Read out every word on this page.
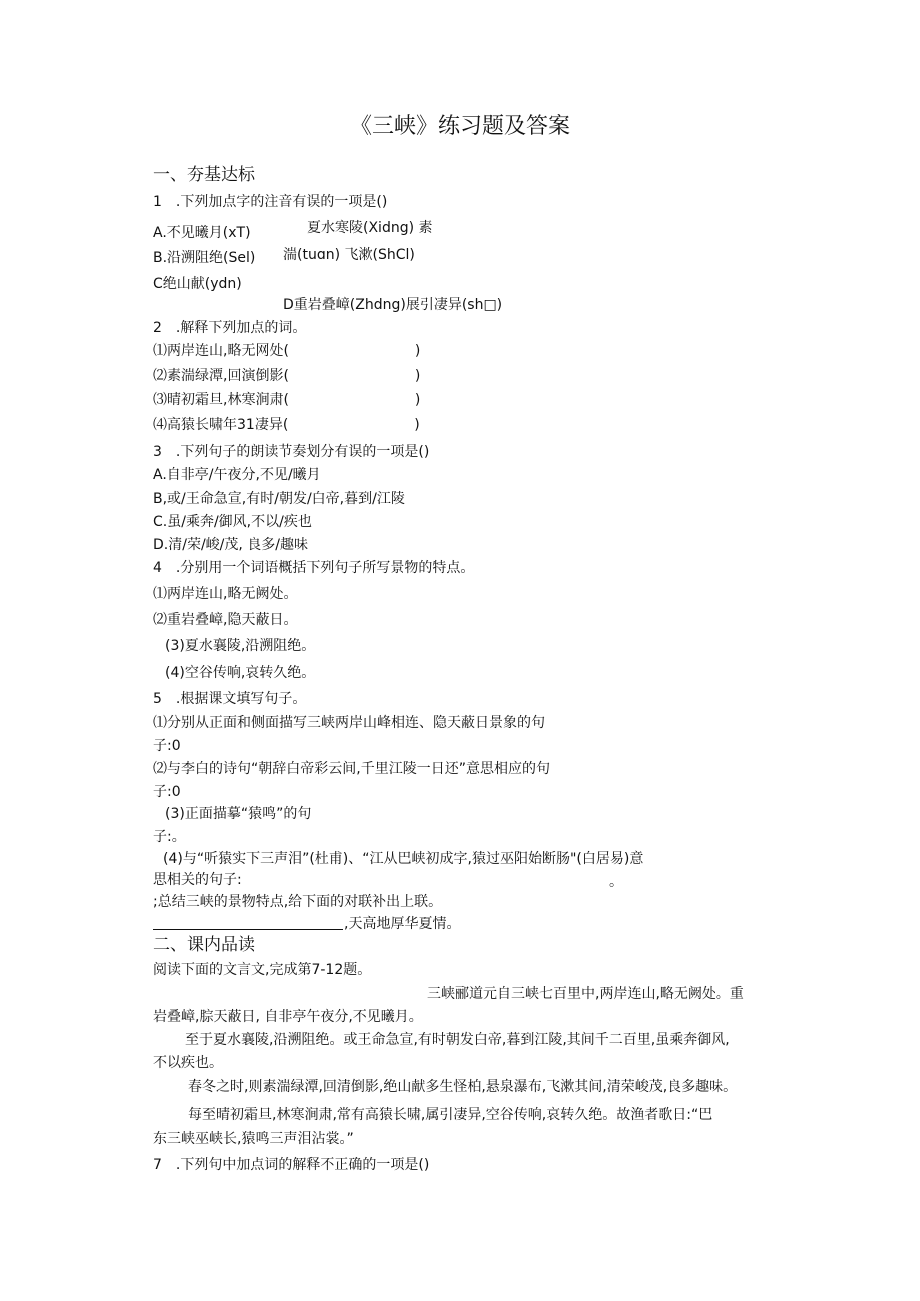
《三峡》练习题及答案
一、夯基达标
1　.下列加点字的注音有误的一项是()
A.不见曦月(xT)	夏水寒陵(Xidng) 素
B.沿溯阻绝(Sel) 湍(tuɑn) 飞漱(ShCl)
C绝山献(ydn)
D重岩叠嶂(Zhdng)展引凄异(sh□)
2　.解释下列加点的词。
⑴两岸连山,略无网处(　　　　　　　　　)
⑵素湍绿潭,回演倒影(　　　　　　　　　)
⑶晴初霜旦,林寒涧肃(　　　　　　　　　)
⑷高猿长啸年31凄异(　　　　　　　　　)
3　.下列句子的朗读节奏划分有误的一项是()
A.自非亭/午夜分,不见/曦月
B,或/王命急宣,有时/朝发/白帝,暮到/江陵
C.虽/乘奔/御风,不以/疾也
D.清/荣/峻/茂, 良多/趣味
4　.分别用一个词语概括下列句子所写景物的特点。
⑴两岸连山,略无阙处。
⑵重岩叠嶂,隐天蔽日。
(3)夏水襄陵,沿溯阻绝。
(4)空谷传响,哀转久绝。
5　.根据课文填写句子。
⑴分别从正面和侧面描写三峡两岸山峰相连、隐天蔽日景象的句
子:0
⑵与李白的诗句“朝辞白帝彩云间,千里江陵一日还”意思相应的句
子:0
(3)正面描摹“猿鸣”的句
子:。
(4)与“听猿实下三声泪”(杜甫)、“江从巴峡初成字,猿过巫阳始断肠"(白居易)意
思相关的句子:	。
;总结三峡的景物特点,给下面的对联补出上联。
,天高地厚华夏情。
二、课内品读
阅读下面的文言文,完成第7-12题。
三峡郦道元自三峡七百里中,两岸连山,略无阙处。重
岩叠嶂,腙天蔽日, 自非亭午夜分,不见曦月。
至于夏水襄陵,沿溯阻绝。或王命急宣,有时朝发白帝,暮到江陵,其间千二百里,虽乘奔御风,
不以疾也。
春冬之时,则素湍绿潭,回清倒影,绝山献多生怪柏,悬泉瀑布,飞漱其间,清荣峻茂,良多趣味。
每至晴初霜旦,林寒涧肃,常有高猿长啸,属引凄异,空谷传响,哀转久绝。故渔者歌日:“巴
东三峡巫峡长,猿鸣三声泪沾裳。”
7　.下列句中加点词的解释不正确的一项是()
